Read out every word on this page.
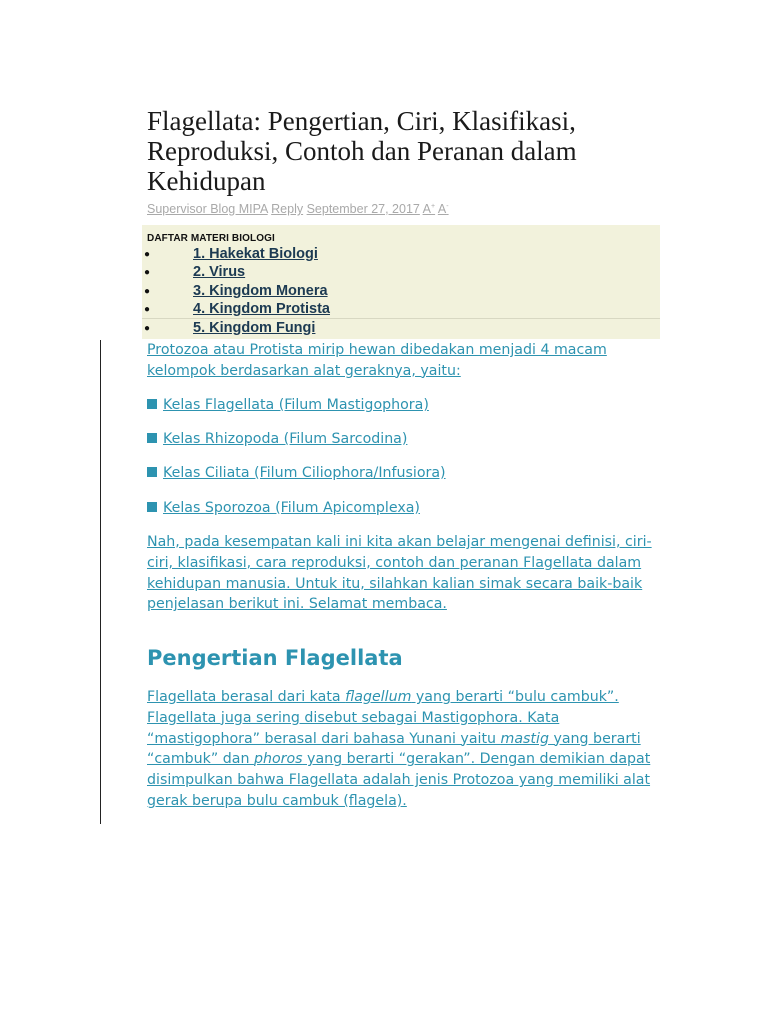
Flagellata: Pengertian, Ciri, Klasifikasi, Reproduksi, Contoh dan Peranan dalam Kehidupan
Supervisor Blog MIPA Reply September 27, 2017 A+ A-
DAFTAR MATERI BIOLOGI
●	1. Hakekat Biologi
●	2. Virus
●	3. Kingdom Monera
●	4. Kingdom Protista
●	5. Kingdom Fungi

Protozoa atau Protista mirip hewan dibedakan menjadi 4 macam kelompok berdasarkan alat geraknya, yaitu:

Kelas Flagellata (Filum Mastigophora)
Kelas Rhizopoda (Filum Sarcodina)
Kelas Ciliata (Filum Ciliophora/Infusiora)
Kelas Sporozoa (Filum Apicomplexa)

Nah, pada kesempatan kali ini kita akan belajar mengenai definisi, ciri-ciri, klasifikasi, cara reproduksi, contoh dan peranan Flagellata dalam kehidupan manusia. Untuk itu, silahkan kalian simak secara baik-baik penjelasan berikut ini. Selamat membaca.

Pengertian Flagellata

Flagellata berasal dari kata flagellum yang berarti “bulu cambuk”. Flagellata juga sering disebut sebagai Mastigophora. Kata “mastigophora” berasal dari bahasa Yunani yaitu mastig yang berarti “cambuk” dan phoros yang berarti “gerakan”. Dengan demikian dapat disimpulkan bahwa Flagellata adalah jenis Protozoa yang memiliki alat gerak berupa bulu cambuk (flagela).
